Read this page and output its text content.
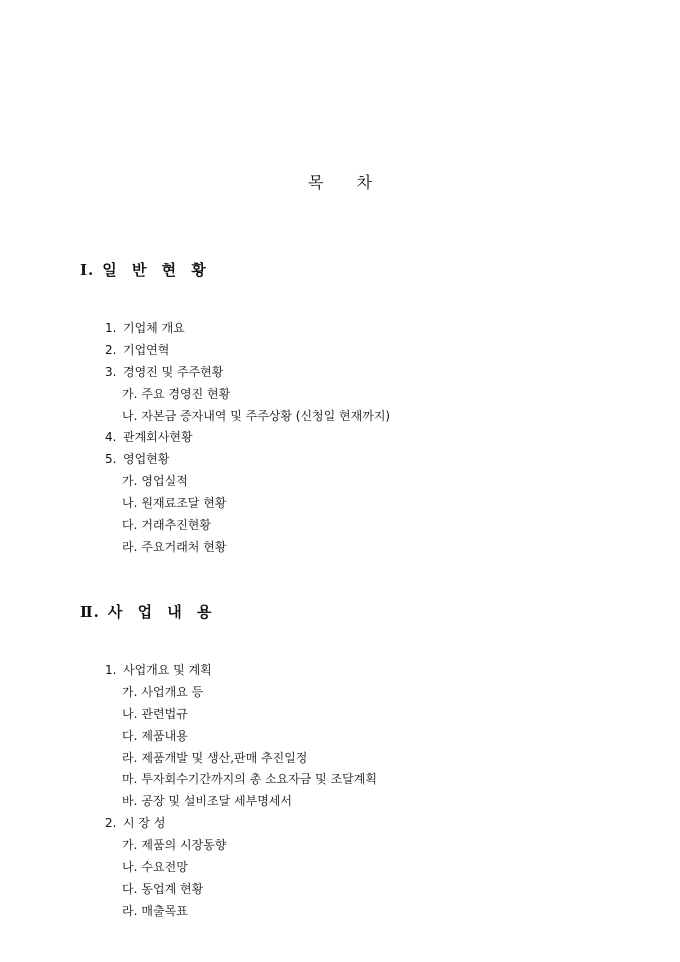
목 차
Ⅰ. 일 반 현 황
1. 기업체 개요
2. 기업연혁
3. 경영진 및 주주현황
가. 주요 경영진 현황
나. 자본금 증자내역 및 주주상황 (신청일 현재까지)
4. 관계회사현황
5. 영업현황
가. 영업실적
나. 원재료조달 현황
다. 거래추진현황
라. 주요거래처 현황
Ⅱ. 사 업 내 용
1. 사업개요 및 계획
가. 사업개요 등
나. 관련법규
다. 제품내용
라. 제품개발 및 생산,판매 추진일정
마. 투자회수기간까지의 총 소요자금 및 조달계획
바. 공장 및 설비조달 세부명세서
2. 시 장 성
가. 제품의 시장동향
나. 수요전망
다. 동업계 현황
라. 매출목표
